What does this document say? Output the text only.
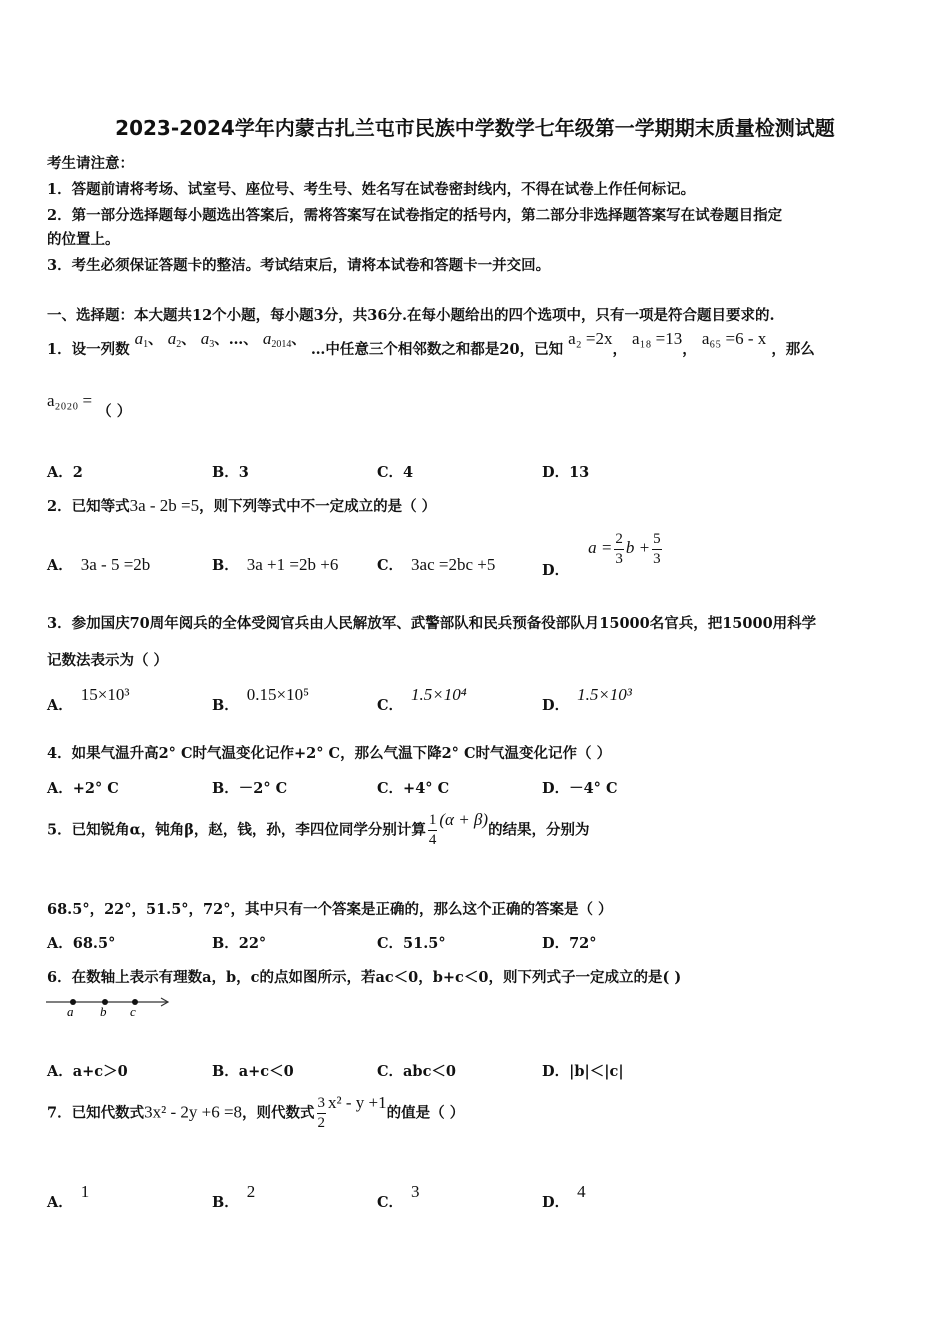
2023-2024学年内蒙古扎兰屯市民族中学数学七年级第一学期期末质量检测试题
考生请注意：
1．答题前请将考场、试室号、座位号、考生号、姓名写在试卷密封线内，不得在试卷上作任何标记。
2．第一部分选择题每小题选出答案后，需将答案写在试卷指定的括号内，第二部分非选择题答案写在试卷题目指定
的位置上。
3．考生必须保证答题卡的整洁。考试结束后，请将本试卷和答题卡一并交回。
一、选择题：本大题共12个小题，每小题3分，共36分.在每小题给出的四个选项中，只有一项是符合题目要求的.
1．设一列数 $a_1$、 $a_2$、 $a_3$、…、 $a_{2014}$、 …中任意三个相邻数之和都是20，已知 a₂ =2x， a₁₈ =13， a₆₅ =6 - x ，那么
a₂₀₂₀ = （ ）
A．2	B．3	C．4	D．13
2．已知等式3a - 2b =5，则下列等式中不一定成立的是（ ）
A． 3a - 5 =2b	B． 3a +1 =2b +6	C． 3ac =2bc +5	D． $a = \frac{2}{3}$ $b + \frac{5}{3}$
3．参加国庆70周年阅兵的全体受阅官兵由人民解放军、武警部队和民兵预备役部队月15000名官兵，把15000用科学
记数法表示为（ ）
A．15×10³
B．0.15×10⁵
C．1.5×10⁴
D．1.5×10³
4．如果气温升高2° C时气温变化记作+2° C，那么气温下降2° C时气温变化记作（ ）
A．+2° C	B．－2° C	C．+4° C	D．－4° C
5．已知锐角α，钝角β，赵，钱，孙，李四位同学分别计算 $\frac{1}{4} (\alpha + \beta)$的结果，分别为
68.5°，22°，51.5°，72°，其中只有一个答案是正确的，那么这个正确的答案是（ ）
A．68.5°	B．22°	C．51.5°	D．72°
6．在数轴上表示有理数a，b，c的点如图所示，若ac＜0，b+c＜0，则下列式子一定成立的是( )
a b c
A．a+c＞0	B．a+c＜0	C．abc＜0	D．|b|＜|c|
7．已知代数式3x² - 2y +6 =8，则代数式 $\frac{3}{2} x^2 - y +1$的值是（ ）
A．1
B．2
C．3
D．4
